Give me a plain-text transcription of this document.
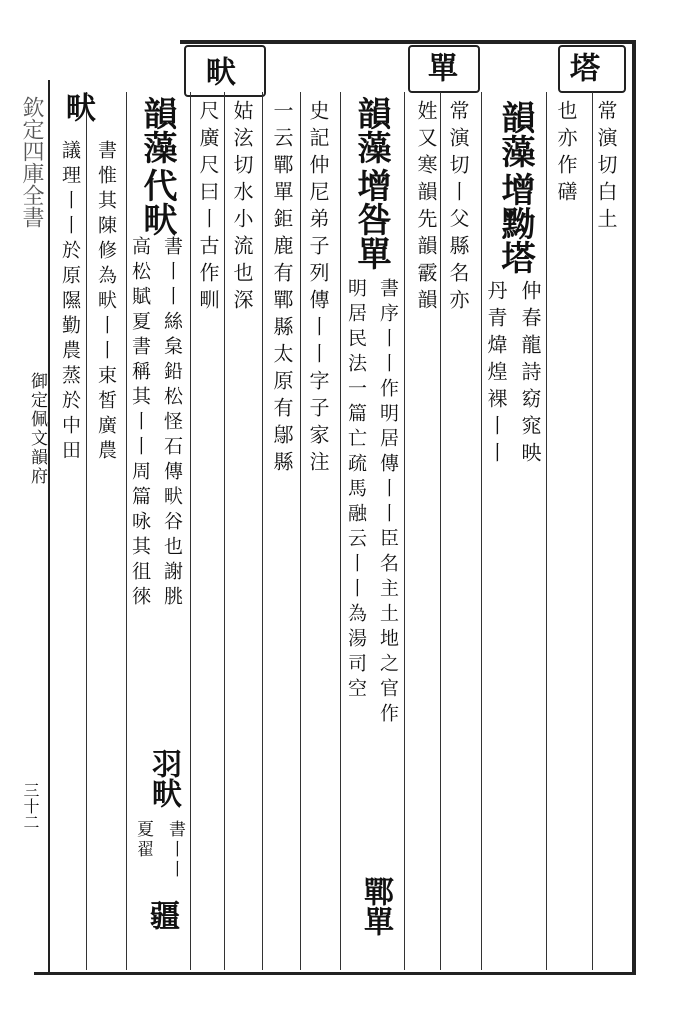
欽定四庫全書
御定佩文韻府
三十二
塔
常演切白土
也亦作磰
韻藻
增黝塔
仲春龍詩窈窕映
丹青煒煌裸丨丨
單
常演切丨父縣名亦
姓又寒韻先韻霰韻
韻藻
增咎單
書序丨丨作明居傳丨丨臣名主土地之官作
明居民法一篇亡疏馬融云丨丨為湯司空
鄲單
史記仲尼弟子列傳丨丨字子家注
一云鄲單鉅鹿有鄲縣太原有鄔縣
畎
姑泫切水小流也深
尺廣尺曰丨古作甽
韻藻
代畎
書丨丨絲枲鉛松怪石傳畎谷也謝朓
高松賦夏書稱其丨丨周篇咏其徂徠
羽畎
書丨丨
夏翟
疆
畎
書惟其陳修為畎丨丨束皙廣農
議理丨丨於原隰勤農蒸於中田
